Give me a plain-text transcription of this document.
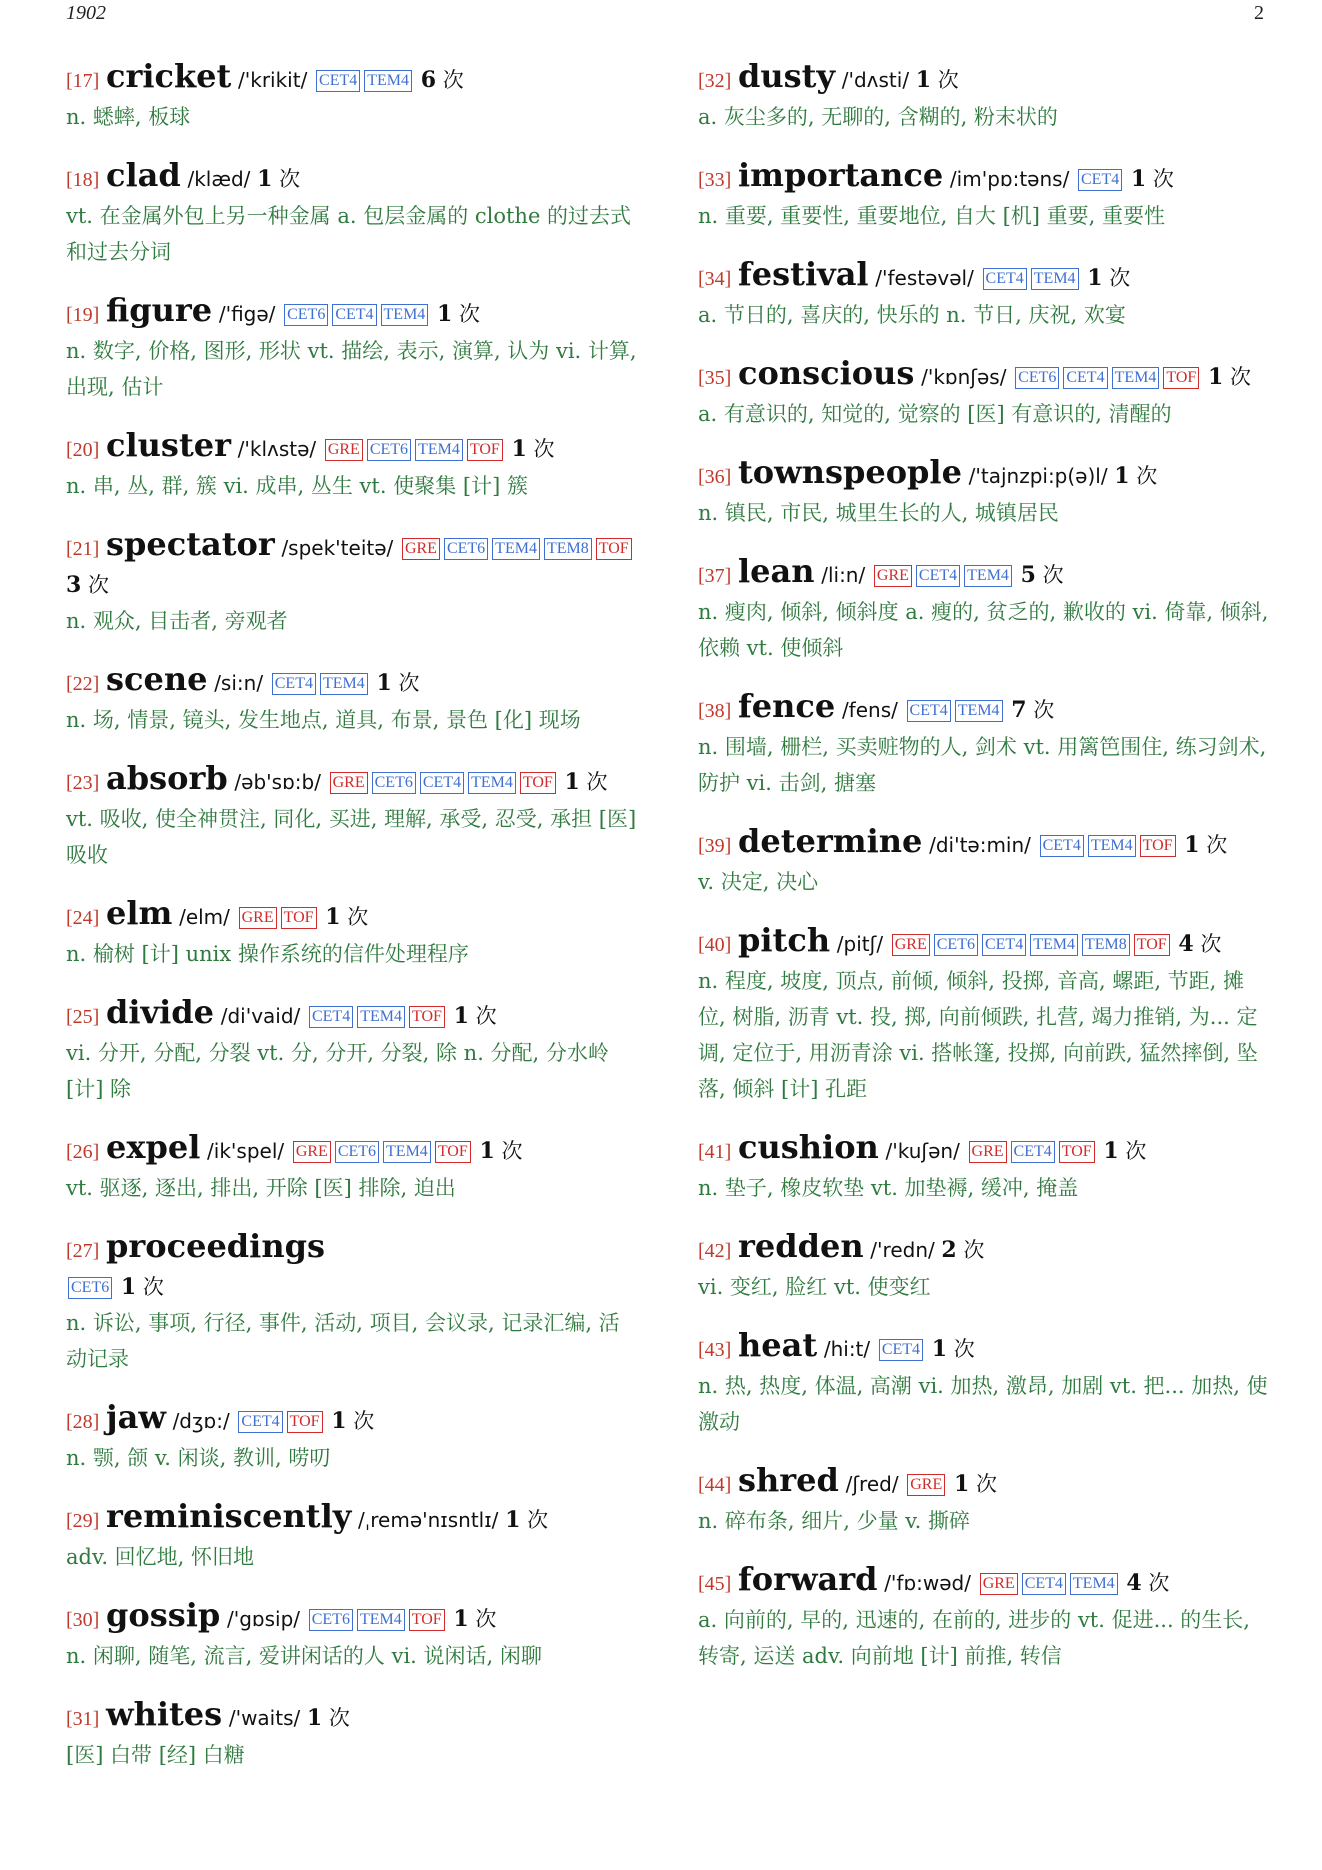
1902	2
[17] cricket /'krikit/ CET4 TEM4 6 次
n. 蟋蟀, 板球
[18] clad /klæd/ 1 次
vt. 在金属外包上另一种金属 a. 包层金属的 clothe 的过去式和过去分词
[19] figure /'figə/ CET6 CET4 TEM4 1 次
n. 数字, 价格, 图形, 形状 vt. 描绘, 表示, 演算, 认为 vi. 计算, 出现, 估计
[20] cluster /'klʌstə/ GRE CET6 TEM4 TOF 1 次
n. 串, 丛, 群, 簇 vi. 成串, 丛生 vt. 使聚集 [计] 簇
[21] spectator /spek'teitə/ GRE CET6 TEM4 TEM8 TOF 3 次
n. 观众, 目击者, 旁观者
[22] scene /si:n/ CET4 TEM4 1 次
n. 场, 情景, 镜头, 发生地点, 道具, 布景, 景色 [化] 现场
[23] absorb /əb'sɒ:b/ GRE CET6 CET4 TEM4 TOF 1 次
vt. 吸收, 使全神贯注, 同化, 买进, 理解, 承受, 忍受, 承担 [医] 吸收
[24] elm /elm/ GRE TOF 1 次
n. 榆树 [计] unix 操作系统的信件处理程序
[25] divide /di'vaid/ CET4 TEM4 TOF 1 次
vi. 分开, 分配, 分裂 vt. 分, 分开, 分裂, 除 n. 分配, 分水岭 [计] 除
[26] expel /ik'spel/ GRE CET6 TEM4 TOF 1 次
vt. 驱逐, 逐出, 排出, 开除 [医] 排除, 迫出
[27] proceedings
CET6 1 次
n. 诉讼, 事项, 行径, 事件, 活动, 项目, 会议录, 记录汇编, 活动记录
[28] jaw /dʒɒ:/ CET4 TOF 1 次
n. 颚, 颌 v. 闲谈, 教训, 唠叨
[29] reminiscently /ˌremə'nɪsntlɪ/ 1 次
adv. 回忆地, 怀旧地
[30] gossip /'gɒsip/ CET6 TEM4 TOF 1 次
n. 闲聊, 随笔, 流言, 爱讲闲话的人 vi. 说闲话, 闲聊
[31] whites /'waits/ 1 次
[医] 白带 [经] 白糖
[32] dusty /'dʌsti/ 1 次
a. 灰尘多的, 无聊的, 含糊的, 粉末状的
[33] importance /im'pɒ:təns/ CET4 1 次
n. 重要, 重要性, 重要地位, 自大 [机] 重要, 重要性
[34] festival /'festəvəl/ CET4 TEM4 1 次
a. 节日的, 喜庆的, 快乐的 n. 节日, 庆祝, 欢宴
[35] conscious /'kɒnʃəs/ CET6 CET4 TEM4 TOF 1 次
a. 有意识的, 知觉的, 觉察的 [医] 有意识的, 清醒的
[36] townspeople /'tajnzpi:p(ə)l/ 1 次
n. 镇民, 市民, 城里生长的人, 城镇居民
[37] lean /li:n/ GRE CET4 TEM4 5 次
n. 瘦肉, 倾斜, 倾斜度 a. 瘦的, 贫乏的, 歉收的 vi. 倚靠, 倾斜, 依赖 vt. 使倾斜
[38] fence /fens/ CET4 TEM4 7 次
n. 围墙, 栅栏, 买卖赃物的人, 剑术 vt. 用篱笆围住, 练习剑术, 防护 vi. 击剑, 搪塞
[39] determine /di'tə:min/ CET4 TEM4 TOF 1 次
v. 决定, 决心
[40] pitch /pitʃ/ GRE CET6 CET4 TEM4 TEM8 TOF 4 次
n. 程度, 坡度, 顶点, 前倾, 倾斜, 投掷, 音高, 螺距, 节距, 摊位, 树脂, 沥青 vt. 投, 掷, 向前倾跌, 扎营, 竭力推销, 为... 定调, 定位于, 用沥青涂 vi. 搭帐篷, 投掷, 向前跌, 猛然摔倒, 坠落, 倾斜 [计] 孔距
[41] cushion /'kuʃən/ GRE CET4 TOF 1 次
n. 垫子, 橡皮软垫 vt. 加垫褥, 缓冲, 掩盖
[42] redden /'redn/ 2 次
vi. 变红, 脸红 vt. 使变红
[43] heat /hi:t/ CET4 1 次
n. 热, 热度, 体温, 高潮 vi. 加热, 激昂, 加剧 vt. 把... 加热, 使激动
[44] shred /ʃred/ GRE 1 次
n. 碎布条, 细片, 少量 v. 撕碎
[45] forward /'fɒ:wəd/ GRE CET4 TEM4 4 次
a. 向前的, 早的, 迅速的, 在前的, 进步的 vt. 促进... 的生长, 转寄, 运送 adv. 向前地 [计] 前推, 转信
